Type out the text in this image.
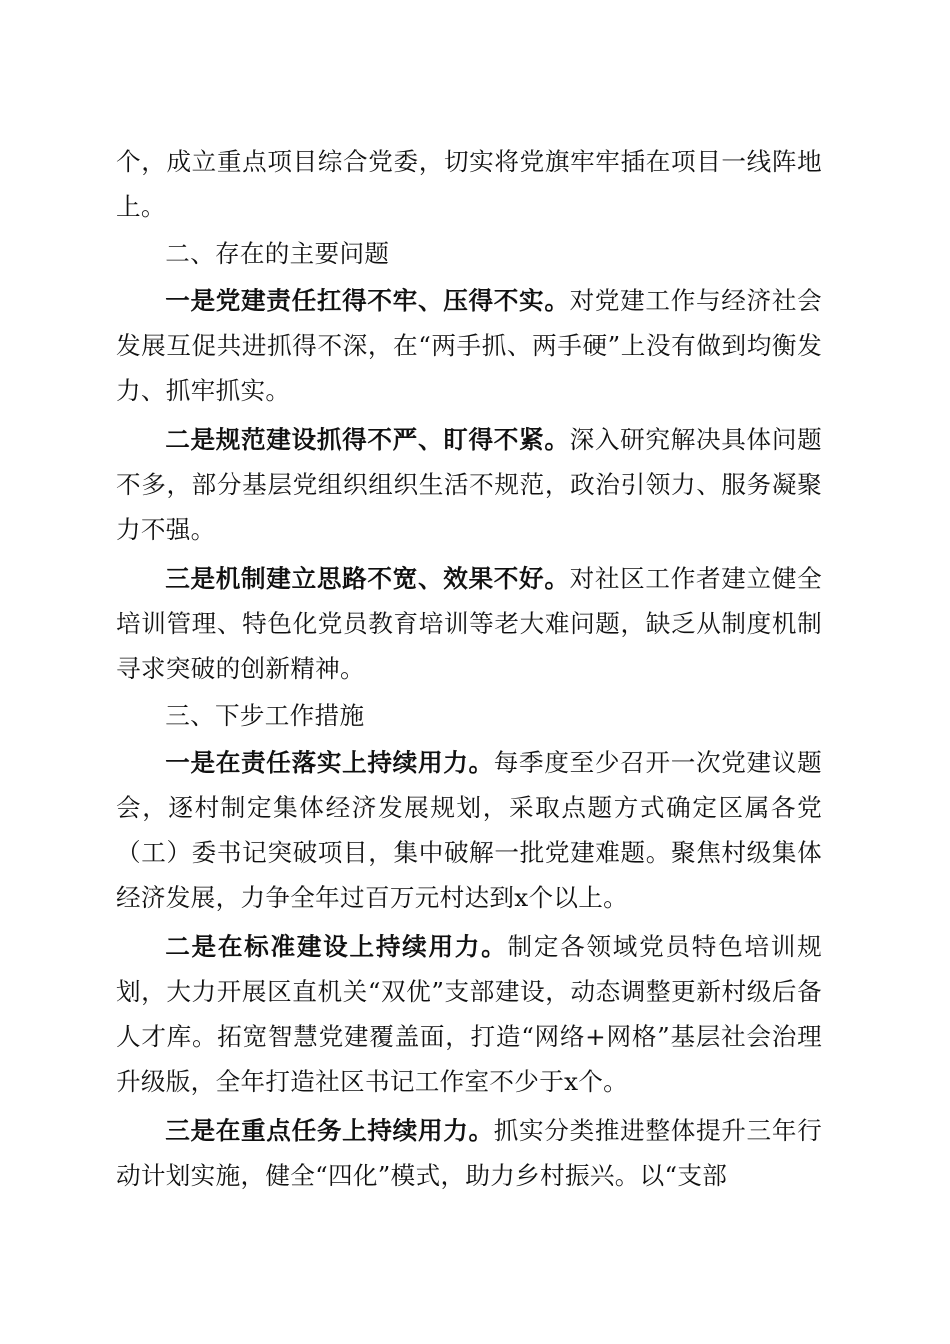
个，成立重点项目综合党委，切实将党旗牢牢插在项目一线阵地上。

二、存在的主要问题

一是党建责任扛得不牢、压得不实。对党建工作与经济社会发展互促共进抓得不深，在“两手抓、两手硬”上没有做到均衡发力、抓牢抓实。

二是规范建设抓得不严、盯得不紧。深入研究解决具体问题不多，部分基层党组织组织生活不规范，政治引领力、服务凝聚力不强。

三是机制建立思路不宽、效果不好。对社区工作者建立健全培训管理、特色化党员教育培训等老大难问题，缺乏从制度机制寻求突破的创新精神。

三、下步工作措施

一是在责任落实上持续用力。每季度至少召开一次党建议题会，逐村制定集体经济发展规划，采取点题方式确定区属各党（工）委书记突破项目，集中破解一批党建难题。聚焦村级集体经济发展，力争全年过百万元村达到x个以上。

二是在标准建设上持续用力。制定各领域党员特色培训规划，大力开展区直机关“双优”支部建设，动态调整更新村级后备人才库。拓宽智慧党建覆盖面，打造“网络+网格”基层社会治理升级版，全年打造社区书记工作室不少于x个。

三是在重点任务上持续用力。抓实分类推进整体提升三年行动计划实施，健全“四化”模式，助力乡村振兴。以“支部
